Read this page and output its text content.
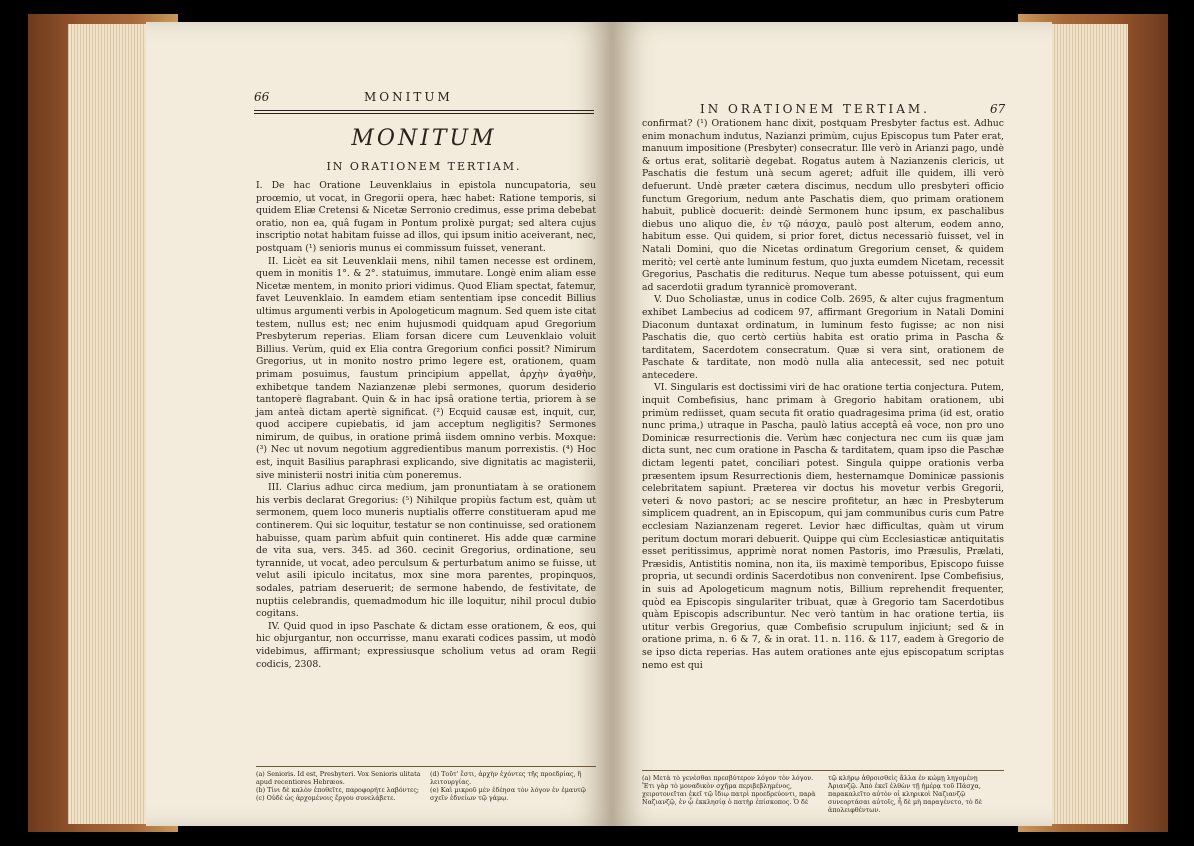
66	MONITUM
MONITUM
IN ORATIONEM TERTIAM.

I. De hac Oratione Leuvenklaius in epistola nuncupatoria, seu proœmio, ut vocat, in Gregorii opera, hæc habet: Ratione temporis, si quidem Eliæ Cretensi & Nicetæ Serronio credimus, esse prima debebat oratio, non ea, quâ fugam in Pontum prolixè purgat; sed altera cujus inscriptio notat habitam fuisse ad illos, qui ipsum initio aceiverant, nec, postquam (¹) senioris munus ei commissum fuisset, venerant.

II. Licèt ea sit Leuvenklaii mens, nihil tamen necesse est ordinem, quem in monitis 1°. & 2°. statuimus, immutare. Longè enim aliam esse Nicetæ mentem, in monito priori vidimus. Quod Eliam spectat, fatemur, favet Leuvenklaio. In eamdem etiam sententiam ipse concedit Billius ultimus argumenti verbis in Apologeticum magnum. Sed quem iste citat testem, nullus est; nec enim hujusmodi quidquam apud Gregorium Presbyterum reperias. Eliam forsan dicere cum Leuvenklaio voluit Billius. Verùm, quid ex Elia contra Gregorium confici possit? Nimirum Gregorius, ut in monito nostro primo legere est, orationem, quam primam posuimus, faustum principium appellat, ἀρχὴν ἀγαθὴν, exhibetque tandem Nazianzenæ plebi sermones, quorum desiderio tantoperè flagrabant. Quin & in hac ipsâ oratione tertia, priorem à se jam anteà dictam apertè significat. (²) Ecquid causæ est, inquit, cur, quod accipere cupiebatis, id jam acceptum negligitis? Sermones nimirum, de quibus, in oratione primâ iisdem omnino verbis. Moxque: (³) Nec ut novum negotium aggredientibus manum porrexistis. (⁴) Hoc est, inquit Basilius paraphrasi explicando, sive dignitatis ac magisterii, sive ministerii nostri initia cùm poneremus.

III. Clarius adhuc circa medium, jam pronuntiatam à se orationem his verbis declarat Gregorius: (⁵) Nihilque propiùs factum est, quàm ut sermonem, quem loco muneris nuptialis offerre constitueram apud me continerem. Qui sic loquitur, testatur se non continuisse, sed orationem habuisse, quam parùm abfuit quin contineret. His adde quæ carmine de vita sua, vers. 345. ad 360. cecinit Gregorius, ordinatione, seu tyrannide, ut vocat, adeo perculsum & perturbatum animo se fuisse, ut velut asili ipiculo incitatus, mox sine mora parentes, propinquos, sodales, patriam deseruerit; de sermone habendo, de festivitate, de nuptiis celebrandis, quemadmodum hic ille loquitur, nihil procul dubio cogitans.

IV. Quid quod in ipso Paschate & dictam esse orationem, & eos, qui hic objurgantur, non occurrisse, manu exarati codices passim, ut modò videbimus, affirmant; expressiusque scholium vetus ad oram Regii codicis, 2308.

(a) Senioris. Id est, Presbyteri. Vox Senioris ulitata apud recentiores Hebræos.
(b) Τίνι δὲ καλὸν ἐποθεῖτε, παροφορήτε λαβόντες;
(c) Οὐδὲ ὡς ἀρχομένοις ἔργου συνελάβετε.
(d) Τοῦτ' ἔστι, ἀρχὴν ἐχόντες τῆς προεδρίας, ἢ λειτουργίας.
(e) Καὶ μικροῦ μὲν ἐδέησα τὸν λόγον ἐν ἐμαυτῷ σχεῖν ἐδνείων τῷ γάμῳ.
IN ORATIONEM TERTIAM.	67

confirmat? (¹) Orationem hanc dixit, postquam Presbyter factus est. Adhuc enim monachum indutus, Nazianzi primùm, cujus Episcopus tum Pater erat, manuum impositione (Presbyter) consecratur. Ille verò in Arianzi pago, undè & ortus erat, solitariè degebat. Rogatus autem à Nazianzenis clericis, ut Paschatis die festum unà secum ageret; adfuit ille quidem, illi verò defuerunt. Undè præter cætera discimus, necdum ullo presbyteri officio functum Gregorium, nedum ante Paschatis diem, quo primam orationem habuit, publicè docuerit: deindè Sermonem hunc ipsum, ex paschalibus diebus uno aliquo die, ἐν τῷ πάσχα, paulò post alterum, eodem anno, habitum esse. Qui quidem, si prior foret, dictus necessariò fuisset, vel in Natali Domini, quo die Nicetas ordinatum Gregorium censet, & quidem meritò; vel certè ante luminum festum, quo juxta eumdem Nicetam, recessit Gregorius, Paschatis die rediturus. Neque tum abesse potuissent, qui eum ad sacerdotii gradum tyrannicè promoverant.

V. Duo Scholiastæ, unus in codice Colb. 2695, & alter cujus fragmentum exhibet Lambecius ad codicem 97, affirmant Gregorium in Natali Domini Diaconum duntaxat ordinatum, in luminum festo fugisse; ac non nisi Paschatis die, quo certò certiùs habita est oratio prima in Pascha & tarditatem, Sacerdotem consecratum. Quæ si vera sint, orationem de Paschate & tarditate, non modò nulla alia antecessit, sed nec potuit antecedere.

VI. Singularis est doctissimi viri de hac oratione tertia conjectura. Putem, inquit Combefisius, hanc primam à Gregorio habitam orationem, ubi primùm rediisset, quam secuta fit oratio quadragesima prima (id est, oratio nunc prima,) utraque in Pascha, paulò latius acceptâ eâ voce, non pro uno Dominicæ resurrectionis die. Verùm hæc conjectura nec cum iis quæ jam dicta sunt, nec cum oratione in Pascha & tarditatem, quam ipso die Paschæ dictam legenti patet, conciliari potest. Singula quippe orationis verba præsentem ipsum Resurrectionis diem, hesternamque Dominicæ passionis celebritatem sapiunt. Præterea vir doctus his movetur verbis Gregorii, veteri & novo pastori; ac se nescire profitetur, an hæc in Presbyterum simplicem quadrent, an in Episcopum, qui jam communibus curis cum Patre ecclesiam Nazianzenam regeret. Levior hæc difficultas, quàm ut virum peritum doctum morari debuerit. Quippe qui cùm Ecclesiasticæ antiquitatis esset peritissimus, apprimè norat nomen Pastoris, imo Præsulis, Prælati, Præsidis, Antistitis nomina, non ita, iis maximè temporibus, Episcopo fuisse propria, ut secundi ordinis Sacerdotibus non convenirent. Ipse Combefisius, in suis ad Apologeticum magnum notis, Billium reprehendit frequenter, quòd ea Episcopis singulariter tribuat, quæ à Gregorio tam Sacerdotibus quàm Episcopis adscribuntur. Nec verò tantùm in hac oratione tertia, iis utitur verbis Gregorius, quæ Combefisio scrupulum injiciunt; sed & in oratione prima, n. 6 & 7, & in orat. 11. n. 116. & 117, eadem à Gregorio de se ipso dicta reperias. Has autem orationes ante ejus episcopatum scriptas nemo est qui

(a) Μετὰ τὸ γενέσθαι πρεσβύτερον λόγον τὸν λόγον. Ἔτι γὰρ τὸ μοναδικὸν σχῆμα περιβεβλημένος, χειροτονεῖται ἐκεῖ τῷ ἴδιῳ πατρὶ προεδρεύοντι, παρὰ Ναζιανζῷ, ἐν ᾧ ἐκκλησίᾳ ὁ πατὴρ ἐπίσκοπος. Ὁ δὲ
τῷ κλήρῳ ἀθροισθεὶς ἄλλα ἐν κώμῃ ληγομένῃ Ἀριανζῷ. Ἀπὸ ἐκεῖ ἐλθὼν τῇ ἡμέρᾳ τοῦ Πάσχα, παρακαλεῖτο αὐτὸν οἱ κληρικοὶ Ναζιανζῷ συνεορτάσαι αὐτοῖς, ἦ δὲ μὴ παραγένετο, τὸ δὲ ἀπολειφθέντων.
